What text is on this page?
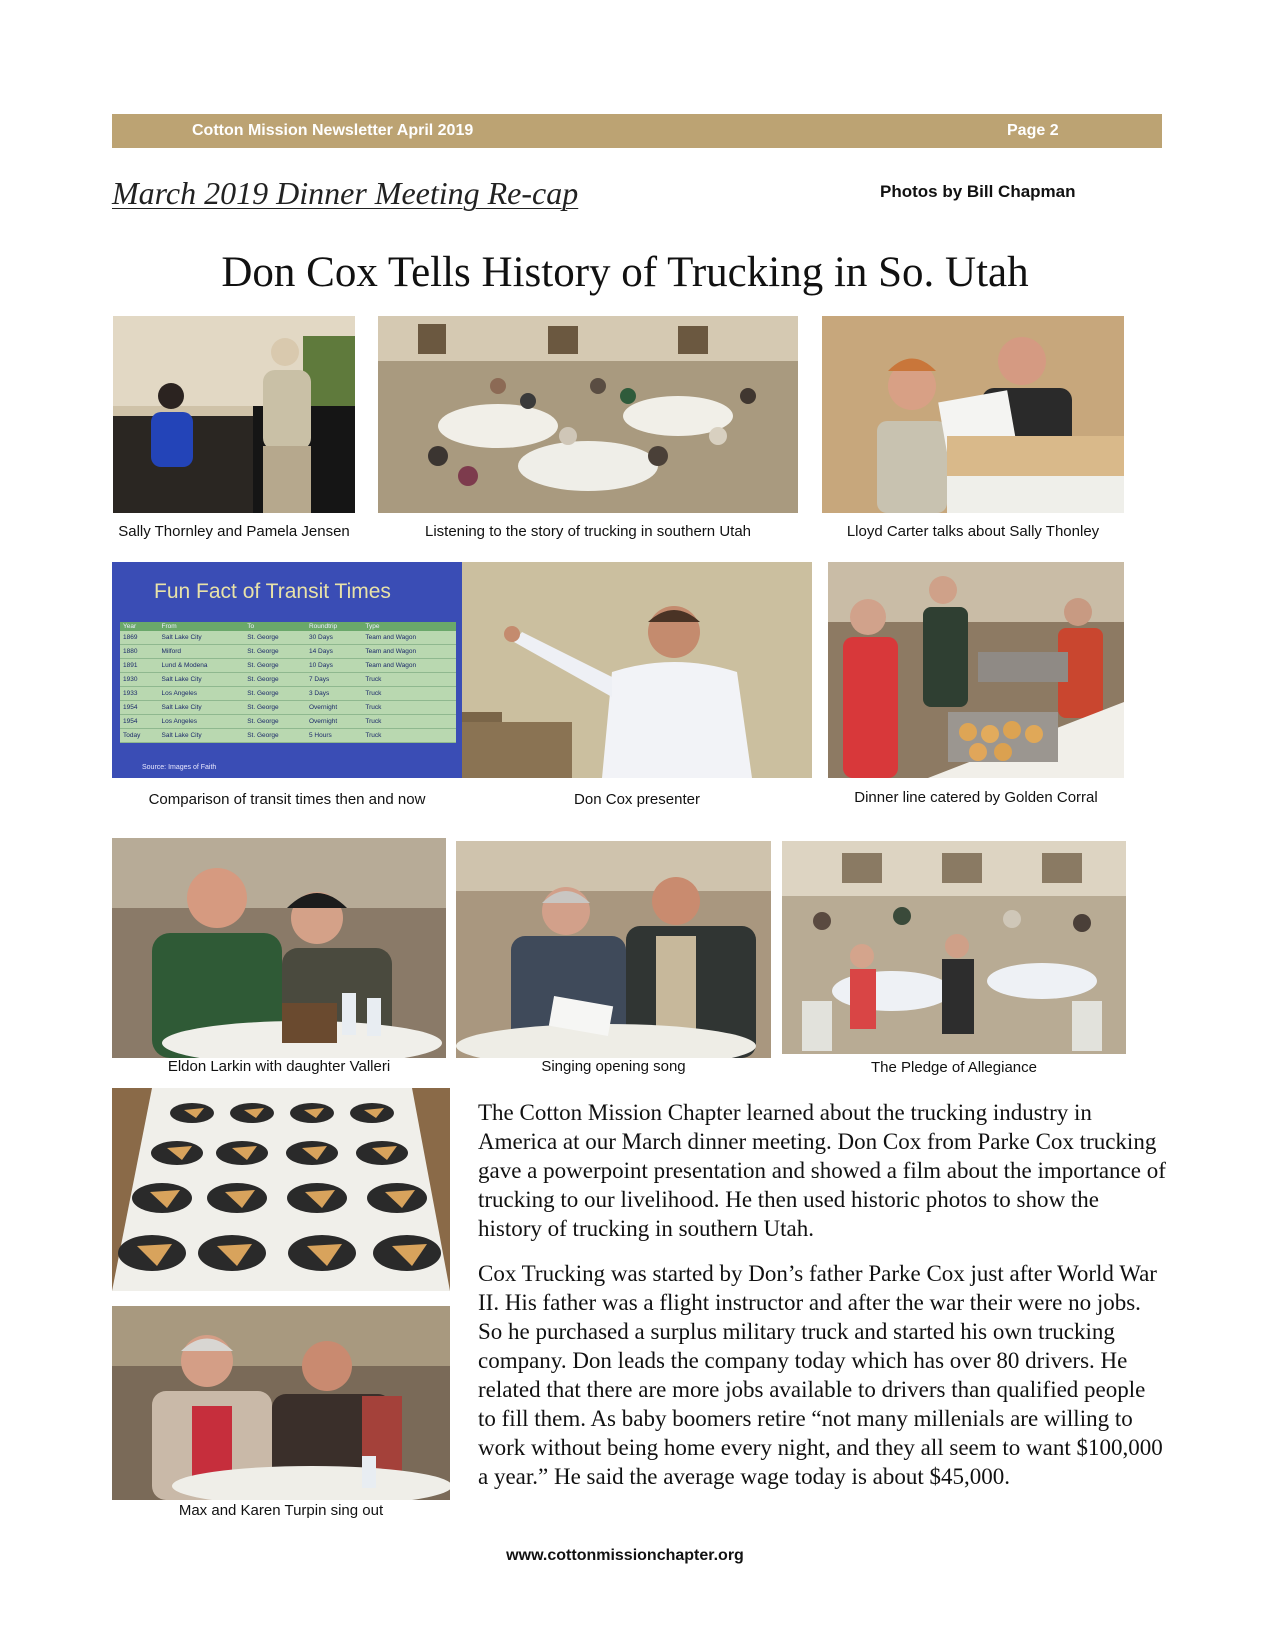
Cotton Mission Newsletter April 2019	Page 2
March 2019 Dinner Meeting Re-cap	Photos by Bill Chapman
Don Cox Tells History of Trucking in So. Utah
Sally Thornley and Pamela Jensen	Listening to the story of trucking in southern Utah	Lloyd Carter talks about Sally Thonley
Fun Fact of Transit Times
Year	From	To	Roundtrip	Type
1869	Salt Lake City	St. George	30 Days	Team and Wagon
1880	Milford	St. George	14 Days	Team and Wagon
1891	Lund & Modena	St. George	10 Days	Team and Wagon
1930	Salt Lake City	St. George	7 Days	Truck
1933	Los Angeles	St. George	3 Days	Truck
1954	Salt Lake City	St. George	Overnight	Truck
1954	Los Angeles	St. George	Overnight	Truck
Today	Salt Lake City	St. George	5 Hours	Truck
Source: Images of Faith
Comparison of transit times then and now	Don Cox presenter	Dinner line catered by Golden Corral
Eldon Larkin with daughter Valleri	Singing opening song	The Pledge of Allegiance
Max and Karen Turpin sing out

The Cotton Mission Chapter learned about the trucking industry in America at our March dinner meeting. Don Cox from Parke Cox trucking gave a powerpoint presentation and showed a film about the importance of trucking to our livelihood. He then used historic photos to show the history of trucking in southern Utah.

Cox Trucking was started by Don’s father Parke Cox just after World War II. His father was a flight instructor and after the war their were no jobs. So he purchased a surplus military truck and started his own trucking company. Don leads the company today which has over 80 drivers. He related that there are more jobs available to drivers than qualified people to fill them. As baby boomers retire “not many millenials are willing to work without being home every night, and they all seem to want $100,000 a year.” He said the average wage today is about $45,000.

www.cottonmissionchapter.org
